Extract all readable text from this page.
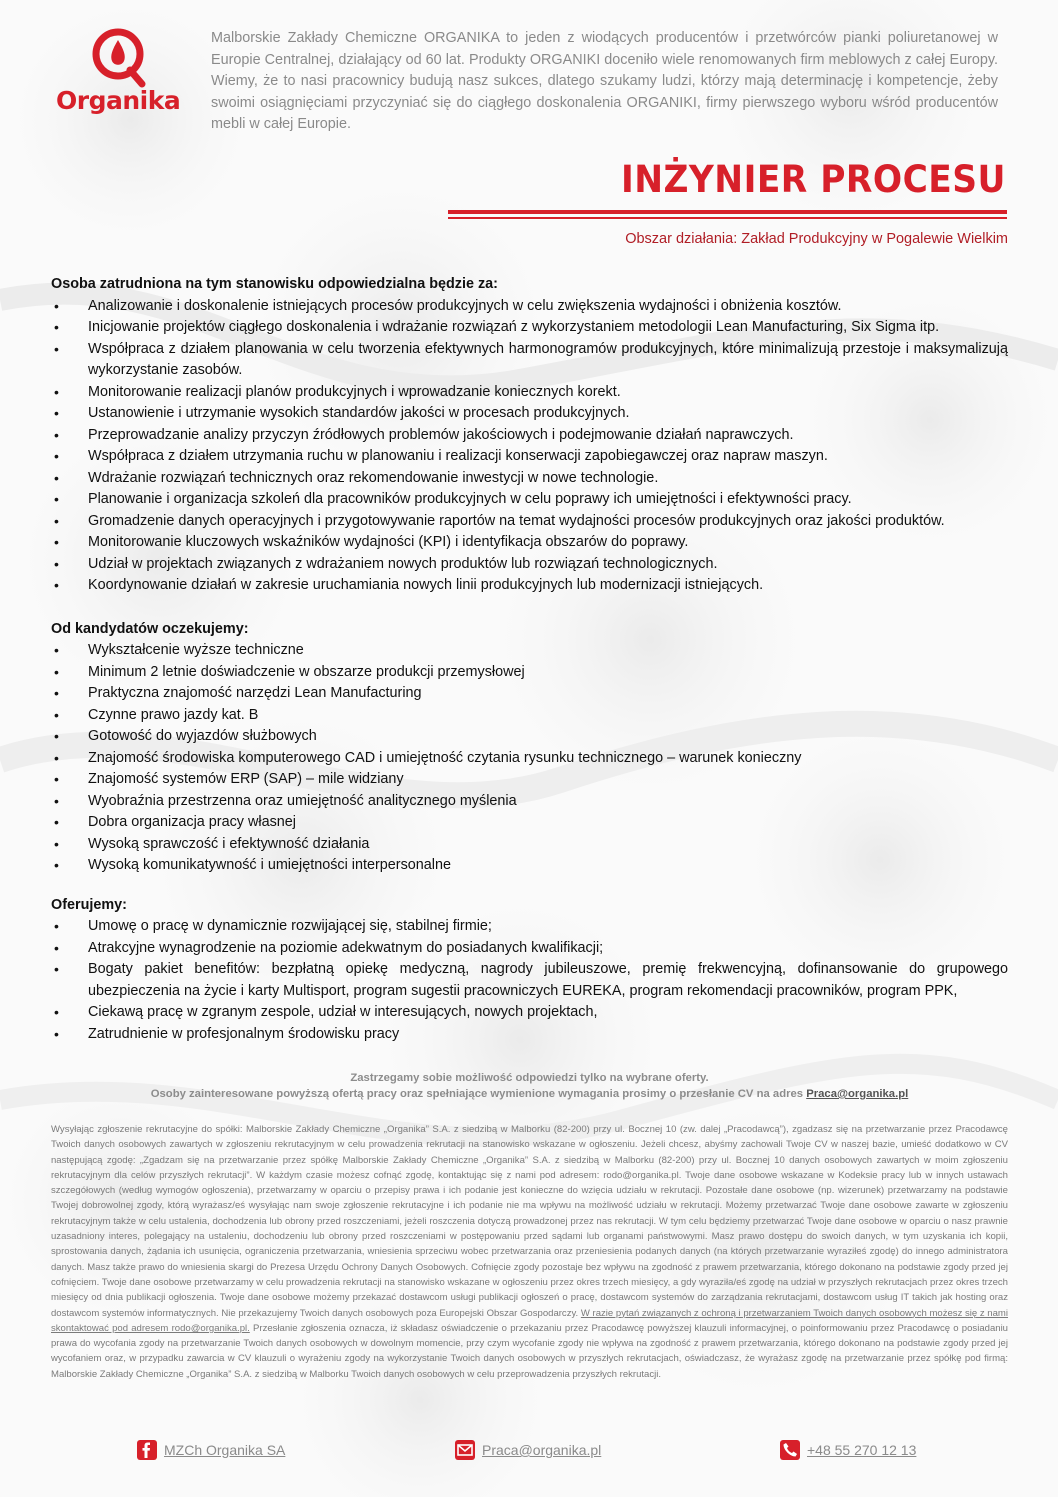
Organika
Malborskie Zakłady Chemiczne ORGANIKA to jeden z wiodących producentów i przetwórców pianki poliuretanowej w Europie Centralnej, działający od 60 lat. Produkty ORGANIKI doceniło wiele renomowanych firm meblowych z całej Europy. Wiemy, że to nasi pracownicy budują nasz sukces, dlatego szukamy ludzi, którzy mają determinację i kompetencje, żeby swoimi osiągnięciami przyczyniać się do ciągłego doskonalenia ORGANIKI, firmy pierwszego wyboru wśród producentów mebli w całej Europie.
INŻYNIER PROCESU
Obszar działania: Zakład Produkcyjny w Pogalewie Wielkim

Osoba zatrudniona na tym stanowisku odpowiedzialna będzie za:

• Analizowanie i doskonalenie istniejących procesów produkcyjnych w celu zwiększenia wydajności i obniżenia kosztów.
• Inicjowanie projektów ciągłego doskonalenia i wdrażanie rozwiązań z wykorzystaniem metodologii Lean Manufacturing, Six Sigma itp.
• Współpraca z działem planowania w celu tworzenia efektywnych harmonogramów produkcyjnych, które minimalizują przestoje i maksymalizują wykorzystanie zasobów.
• Monitorowanie realizacji planów produkcyjnych i wprowadzanie koniecznych korekt.
• Ustanowienie i utrzymanie wysokich standardów jakości w procesach produkcyjnych.
• Przeprowadzanie analizy przyczyn źródłowych problemów jakościowych i podejmowanie działań naprawczych.
• Współpraca z działem utrzymania ruchu w planowaniu i realizacji konserwacji zapobiegawczej oraz napraw maszyn.
• Wdrażanie rozwiązań technicznych oraz rekomendowanie inwestycji w nowe technologie.
• Planowanie i organizacja szkoleń dla pracowników produkcyjnych w celu poprawy ich umiejętności i efektywności pracy.
• Gromadzenie danych operacyjnych i przygotowywanie raportów na temat wydajności procesów produkcyjnych oraz jakości produktów.
• Monitorowanie kluczowych wskaźników wydajności (KPI) i identyfikacja obszarów do poprawy.
• Udział w projektach związanych z wdrażaniem nowych produktów lub rozwiązań technologicznych.
• Koordynowanie działań w zakresie uruchamiania nowych linii produkcyjnych lub modernizacji istniejących.

Od kandydatów oczekujemy:

• Wykształcenie wyższe techniczne
• Minimum 2 letnie doświadczenie w obszarze produkcji przemysłowej
• Praktyczna znajomość narzędzi Lean Manufacturing
• Czynne prawo jazdy kat. B
• Gotowość do wyjazdów służbowych
• Znajomość środowiska komputerowego CAD i umiejętność czytania rysunku technicznego – warunek konieczny
• Znajomość systemów ERP (SAP) – mile widziany
• Wyobraźnia przestrzenna oraz umiejętność analitycznego myślenia
• Dobra organizacja pracy własnej
• Wysoką sprawczość i efektywność działania
• Wysoką komunikatywność i umiejętności interpersonalne

Oferujemy:

• Umowę o pracę w dynamicznie rozwijającej się, stabilnej firmie;
• Atrakcyjne wynagrodzenie na poziomie adekwatnym do posiadanych kwalifikacji;
• Bogaty pakiet benefitów: bezpłatną opiekę medyczną, nagrody jubileuszowe, premię frekwencyjną, dofinansowanie do grupowego ubezpieczenia na życie i karty Multisport, program sugestii pracowniczych EUREKA, program rekomendacji pracowników, program PPK,
• Ciekawą pracę w zgranym zespole, udział w interesujących, nowych projektach,
• Zatrudnienie w profesjonalnym środowisku pracy
Zastrzegamy sobie możliwość odpowiedzi tylko na wybrane oferty.
Osoby zainteresowane powyższą ofertą pracy oraz spełniające wymienione wymagania prosimy o przesłanie CV na adres Praca@organika.pl
Wysyłając zgłoszenie rekrutacyjne do spółki: Malborskie Zakłady Chemiczne „Organika” S.A. z siedzibą w Malborku (82-200) przy ul. Bocznej 10 (zw. dalej „Pracodawcą”), zgadzasz się na przetwarzanie przez Pracodawcę Twoich danych osobowych zawartych w zgłoszeniu rekrutacyjnym w celu prowadzenia rekrutacji na stanowisko wskazane w ogłoszeniu. Jeżeli chcesz, abyśmy zachowali Twoje CV w naszej bazie, umieść dodatkowo w CV następującą zgodę: „Zgadzam się na przetwarzanie przez spółkę Malborskie Zakłady Chemiczne „Organika” S.A. z siedzibą w Malborku (82-200) przy ul. Bocznej 10 danych osobowych zawartych w moim zgłoszeniu rekrutacyjnym dla celów przyszłych rekrutacji”. W każdym czasie możesz cofnąć zgodę, kontaktując się z nami pod adresem: rodo@organika.pl. Twoje dane osobowe wskazane w Kodeksie pracy lub w innych ustawach szczegółowych (według wymogów ogłoszenia), przetwarzamy w oparciu o przepisy prawa i ich podanie jest konieczne do wzięcia udziału w rekrutacji. Pozostałe dane osobowe (np. wizerunek) przetwarzamy na podstawie Twojej dobrowolnej zgody, którą wyrażasz/eś wysyłając nam swoje zgłoszenie rekrutacyjne i ich podanie nie ma wpływu na możliwość udziału w rekrutacji. Możemy przetwarzać Twoje dane osobowe zawarte w zgłoszeniu rekrutacyjnym także w celu ustalenia, dochodzenia lub obrony przed roszczeniami, jeżeli roszczenia dotyczą prowadzonej przez nas rekrutacji. W tym celu będziemy przetwarzać Twoje dane osobowe w oparciu o nasz prawnie uzasadniony interes, polegający na ustaleniu, dochodzeniu lub obrony przed roszczeniami w postępowaniu przed sądami lub organami państwowymi. Masz prawo dostępu do swoich danych, w tym uzyskania ich kopii, sprostowania danych, żądania ich usunięcia, ograniczenia przetwarzania, wniesienia sprzeciwu wobec przetwarzania oraz przeniesienia podanych danych (na których przetwarzanie wyraziłeś zgodę) do innego administratora danych. Masz także prawo do wniesienia skargi do Prezesa Urzędu Ochrony Danych Osobowych. Cofnięcie zgody pozostaje bez wpływu na zgodność z prawem przetwarzania, którego dokonano na podstawie zgody przed jej cofnięciem. Twoje dane osobowe przetwarzamy w celu prowadzenia rekrutacji na stanowisko wskazane w ogłoszeniu przez okres trzech miesięcy, a gdy wyraziła/eś zgodę na udział w przyszłych rekrutacjach przez okres trzech miesięcy od dnia publikacji ogłoszenia. Twoje dane osobowe możemy przekazać dostawcom usługi publikacji ogłoszeń o pracę, dostawcom systemów do zarządzania rekrutacjami, dostawcom usług IT takich jak hosting oraz dostawcom systemów informatycznych. Nie przekazujemy Twoich danych osobowych poza Europejski Obszar Gospodarczy. W razie pytań związanych z ochroną i przetwarzaniem Twoich danych osobowych możesz się z nami skontaktować pod adresem rodo@organika.pl. Przesłanie zgłoszenia oznacza, iż składasz oświadczenie o przekazaniu przez Pracodawcę powyższej klauzuli informacyjnej, o poinformowaniu przez Pracodawcę o posiadaniu prawa do wycofania zgody na przetwarzanie Twoich danych osobowych w dowolnym momencie, przy czym wycofanie zgody nie wpływa na zgodność z prawem przetwarzania, którego dokonano na podstawie zgody przed jej wycofaniem oraz, w przypadku zawarcia w CV klauzuli o wyrażeniu zgody na wykorzystanie Twoich danych osobowych w przyszłych rekrutacjach, oświadczasz, że wyrażasz zgodę na przetwarzanie przez spółkę pod firmą: Malborskie Zakłady Chemiczne „Organika” S.A. z siedzibą w Malborku Twoich danych osobowych w celu przeprowadzenia przyszłych rekrutacji.
MZCh Organika SA	Praca@organika.pl	+48 55 270 12 13
